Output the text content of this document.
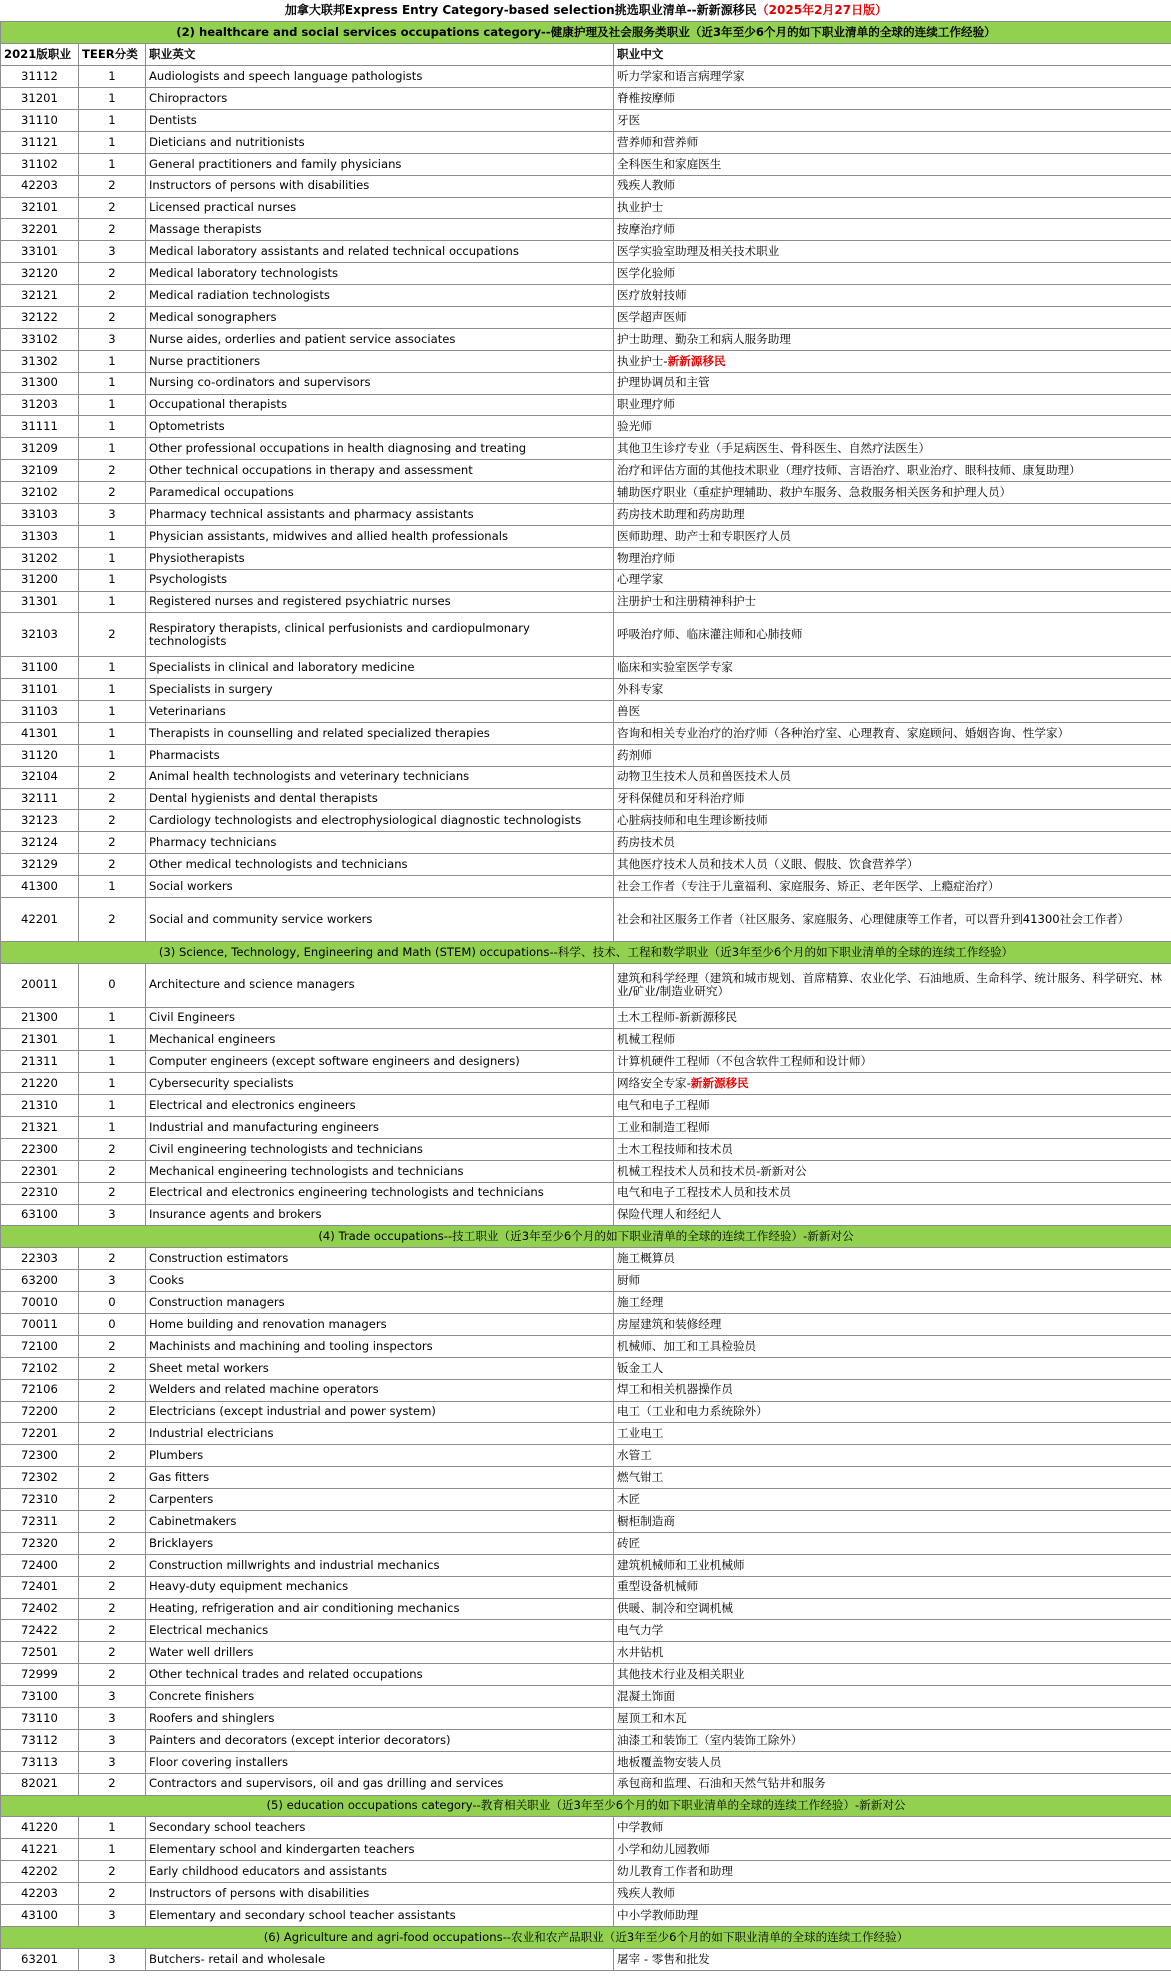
加拿大联邦Express Entry Category-based selection挑选职业清单--新新源移民（2025年2月27日版）			
(2) healthcare and social services occupations category--健康护理及社会服务类职业（近3年至少6个月的如下职业清单的全球的连续工作经验）			
2021版职业	TEER分类	职业英文	职业中文
31112	1	Audiologists and speech language pathologists	听力学家和语言病理学家
31201	1	Chiropractors	脊椎按摩师
31110	1	Dentists	牙医
31121	1	Dieticians and nutritionists	营养师和营养师
31102	1	General practitioners and family physicians	全科医生和家庭医生
42203	2	Instructors of persons with disabilities	残疾人教师
32101	2	Licensed practical nurses	执业护士
32201	2	Massage therapists	按摩治疗师
33101	3	Medical laboratory assistants and related technical occupations	医学实验室助理及相关技术职业
32120	2	Medical laboratory technologists	医学化验师
32121	2	Medical radiation technologists	医疗放射技师
32122	2	Medical sonographers	医学超声医师
33102	3	Nurse aides, orderlies and patient service associates	护士助理、勤杂工和病人服务助理
31302	1	Nurse practitioners	执业护士-新新源移民
31300	1	Nursing co-ordinators and supervisors	护理协调员和主管
31203	1	Occupational therapists	职业理疗师
31111	1	Optometrists	验光师
31209	1	Other professional occupations in health diagnosing and treating	其他卫生诊疗专业（手足病医生、骨科医生、自然疗法医生）
32109	2	Other technical occupations in therapy and assessment	治疗和评估方面的其他技术职业（理疗技师、言语治疗、职业治疗、眼科技师、康复助理）
32102	2	Paramedical occupations	辅助医疗职业（重症护理辅助、救护车服务、急救服务相关医务和护理人员）
33103	3	Pharmacy technical assistants and pharmacy assistants	药房技术助理和药房助理
31303	1	Physician assistants, midwives and allied health professionals	医师助理、助产士和专职医疗人员
31202	1	Physiotherapists	物理治疗师
31200	1	Psychologists	心理学家
31301	1	Registered nurses and registered psychiatric nurses	注册护士和注册精神科护士
32103	2	Respiratory therapists, clinical perfusionists and cardiopulmonary technologists	呼吸治疗师、临床灌注师和心肺技师
31100	1	Specialists in clinical and laboratory medicine	临床和实验室医学专家
31101	1	Specialists in surgery	外科专家
31103	1	Veterinarians	兽医
41301	1	Therapists in counselling and related specialized therapies	咨询和相关专业治疗的治疗师（各种治疗室、心理教育、家庭顾问、婚姻咨询、性学家）
31120	1	Pharmacists	药剂师
32104	2	Animal health technologists and veterinary technicians	动物卫生技术人员和兽医技术人员
32111	2	Dental hygienists and dental therapists	牙科保健员和牙科治疗师
32123	2	Cardiology technologists and electrophysiological diagnostic technologists	心脏病技师和电生理诊断技师
32124	2	Pharmacy technicians	药房技术员
32129	2	Other medical technologists and technicians	其他医疗技术人员和技术人员（义眼、假肢、饮食营养学）
41300	1	Social workers	社会工作者（专注于儿童福利、家庭服务、矫正、老年医学、上瘾症治疗）
42201	2	Social and community service workers	社会和社区服务工作者（社区服务、家庭服务、心理健康等工作者，可以晋升到41300社会工作者）
(3) Science, Technology, Engineering and Math (STEM) occupations--科学、技术、工程和数学职业（近3年至少6个月的如下职业清单的全球的连续工作经验）			
20011	0	Architecture and science managers	建筑和科学经理（建筑和城市规划、首席精算、农业化学、石油地质、生命科学、统计服务、科学研究、林业/矿业/制造业研究）
21300	1	Civil Engineers	土木工程师-新新源移民
21301	1	Mechanical engineers	机械工程师
21311	1	Computer engineers (except software engineers and designers)	计算机硬件工程师（不包含软件工程师和设计师）
21220	1	Cybersecurity specialists	网络安全专家-新新源移民
21310	1	Electrical and electronics engineers	电气和电子工程师
21321	1	Industrial and manufacturing engineers	工业和制造工程师
22300	2	Civil engineering technologists and technicians	土木工程技师和技术员
22301	2	Mechanical engineering technologists and technicians	机械工程技术人员和技术员-新新对公
22310	2	Electrical and electronics engineering technologists and technicians	电气和电子工程技术人员和技术员
63100	3	Insurance agents and brokers	保险代理人和经纪人
(4) Trade occupations--技工职业（近3年至少6个月的如下职业清单的全球的连续工作经验）-新新对公			
22303	2	Construction estimators	施工概算员
63200	3	Cooks	厨师
70010	0	Construction managers	施工经理
70011	0	Home building and renovation managers	房屋建筑和装修经理
72100	2	Machinists and machining and tooling inspectors	机械师、加工和工具检验员
72102	2	Sheet metal workers	钣金工人
72106	2	Welders and related machine operators	焊工和相关机器操作员
72200	2	Electricians (except industrial and power system)	电工（工业和电力系统除外）
72201	2	Industrial electricians	工业电工
72300	2	Plumbers	水管工
72302	2	Gas fitters	燃气钳工
72310	2	Carpenters	木匠
72311	2	Cabinetmakers	橱柜制造商
72320	2	Bricklayers	砖匠
72400	2	Construction millwrights and industrial mechanics	建筑机械师和工业机械师
72401	2	Heavy-duty equipment mechanics	重型设备机械师
72402	2	Heating, refrigeration and air conditioning mechanics	供暖、制冷和空调机械
72422	2	Electrical mechanics	电气力学
72501	2	Water well drillers	水井钻机
72999	2	Other technical trades and related occupations	其他技术行业及相关职业
73100	3	Concrete finishers	混凝土饰面
73110	3	Roofers and shinglers	屋顶工和木瓦
73112	3	Painters and decorators (except interior decorators)	油漆工和装饰工（室内装饰工除外）
73113	3	Floor covering installers	地板覆盖物安装人员
82021	2	Contractors and supervisors, oil and gas drilling and services	承包商和监理、石油和天然气钻井和服务
(5) education occupations category--教育相关职业（近3年至少6个月的如下职业清单的全球的连续工作经验）-新新对公			
41220	1	Secondary school teachers	中学教师
41221	1	Elementary school and kindergarten teachers	小学和幼儿园教师
42202	2	Early childhood educators and assistants	幼儿教育工作者和助理
42203	2	Instructors of persons with disabilities	残疾人教师
43100	3	Elementary and secondary school teacher assistants	中小学教师助理
(6) Agriculture and agri-food occupations--农业和农产品职业（近3年至少6个月的如下职业清单的全球的连续工作经验）			
63201	3	Butchers- retail and wholesale	屠宰 - 零售和批发
